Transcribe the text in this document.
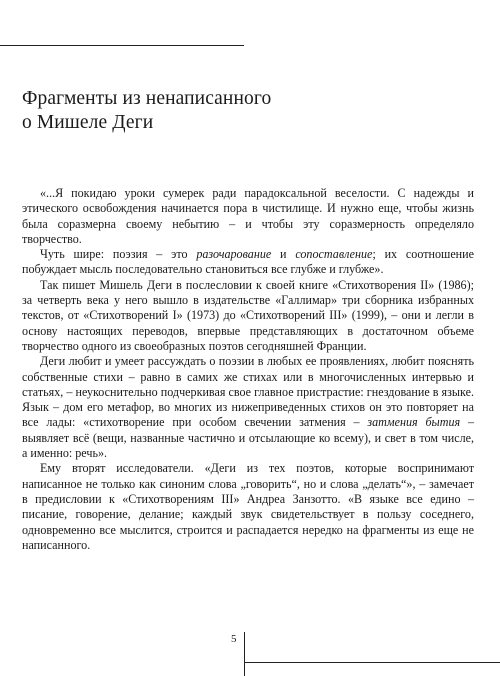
Фрагменты из ненаписанного
о Мишеле Деги

«...Я покидаю уроки сумерек ради парадоксальной веселости. С надежды и этического освобождения начинается пора в чистилище. И нужно еще, чтобы жизнь была соразмерна своему небытию – и чтобы эту соразмерность определяло творчество.

Чуть шире: поэзия – это разочарование и сопоставление; их соотношение побуждает мысль последовательно становиться все глубже и глубже».

Так пишет Мишель Деги в послесловии к своей книге «Стихотворения II» (1986); за четверть века у него вышло в издательстве «Галлимар» три сборника избранных текстов, от «Стихотворений I» (1973) до «Стихотворений III» (1999), – они и легли в основу настоящих переводов, впервые представляющих в достаточном объеме творчество одного из своеобразных поэтов сегодняшней Франции.

Деги любит и умеет рассуждать о поэзии в любых ее проявлениях, любит пояснять собственные стихи – равно в самих же стихах или в многочисленных интервью и статьях, – неукоснительно подчеркивая свое главное пристрастие: гнездование в языке. Язык – дом его метафор, во многих из нижеприведенных стихов он это повторяет на все лады: «стихотворение при особом свечении затмения – затмения бытия – выявляет всё (вещи, названные частично и отсылающие ко всему), и свет в том числе, а именно: речь».

Ему вторят исследователи. «Деги из тех поэтов, которые воспринимают написанное не только как синоним слова „говорить“, но и слова „делать“», – замечает в предисловии к «Стихотворениям III» Андреа Занзотто. «В языке все едино – писание, говорение, делание; каждый звук свидетельствует в пользу соседнего, одновременно все мыслится, строится и распадается нередко на фрагменты из еще не написанного.

5
